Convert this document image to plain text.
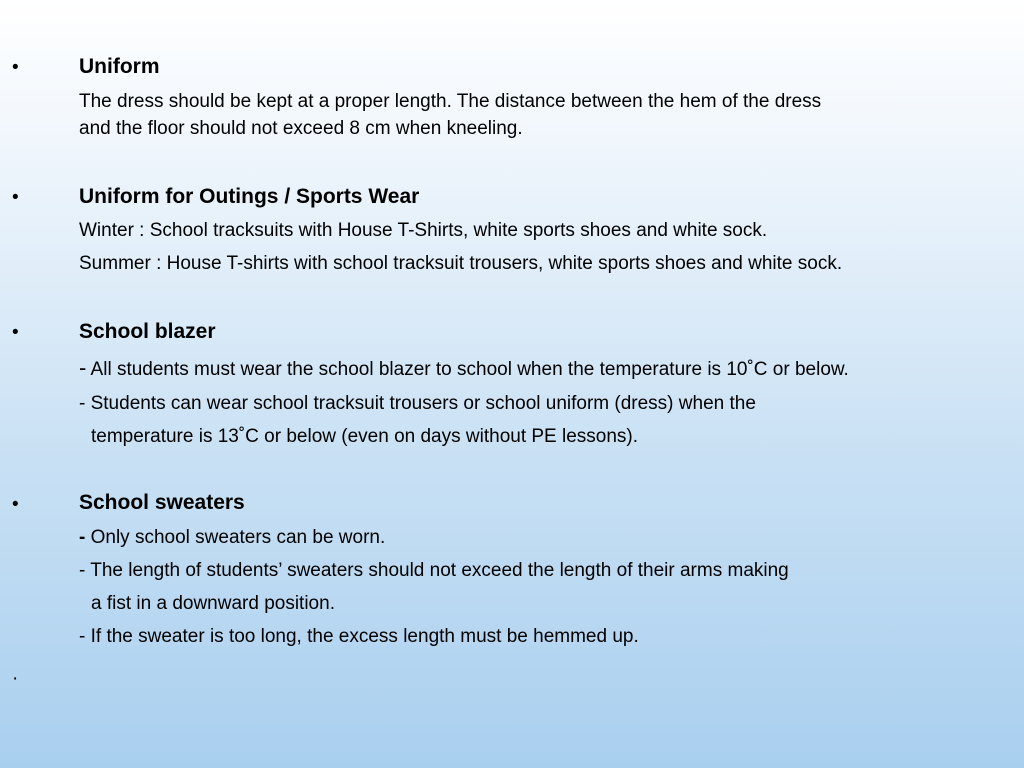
•	Uniform
The dress should be kept at a proper length. The distance between the hem of the dress
and the floor should not exceed 8 cm when kneeling.
•	Uniform for Outings / Sports Wear
Winter : School tracksuits with House T-Shirts, white sports shoes and white sock.
Summer : House T-shirts with school tracksuit trousers, white sports shoes and white sock.
•	School blazer
- All students must wear the school blazer to school when the temperature is 10˚C or below.
- Students can wear school tracksuit trousers or school uniform (dress) when the
temperature is 13˚C or below (even on days without PE lessons).
•	School sweaters
- Only school sweaters can be worn.
- The length of students’ sweaters should not exceed the length of their arms making
a fist in a downward position.
- If the sweater is too long, the excess length must be hemmed up.
·
